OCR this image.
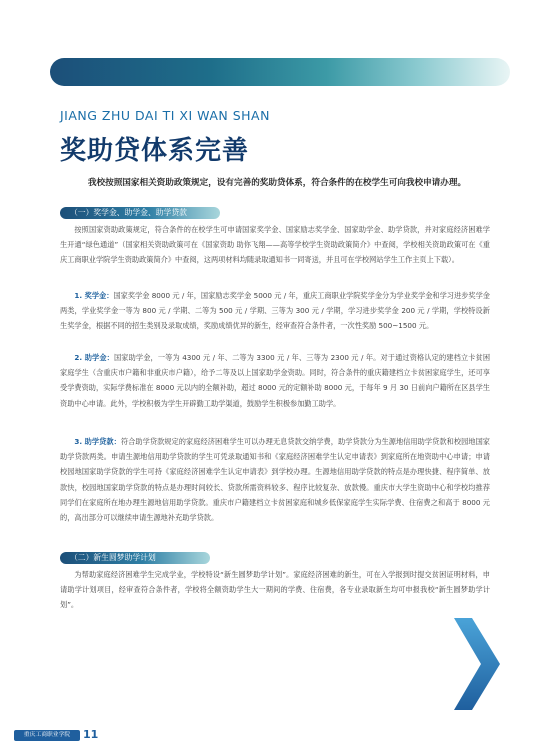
JIANG ZHU DAI TI XI WAN SHAN
奖助贷体系完善
我校按照国家相关资助政策规定，设有完善的奖助贷体系，符合条件的在校学生可向我校申请办理。
（一）奖学金、助学金、助学贷款

按照国家资助政策规定，符合条件的在校学生可申请国家奖学金、国家励志奖学金、国家助学金、助学贷款，并对家庭经济困难学生开通“绿色通道”（国家相关资助政策可在《国家资助 助你飞翔——高等学校学生资助政策简介》中查阅，学校相关资助政策可在《重庆工商职业学院学生资助政策简介》中查阅，这两项材料均随录取通知书一同寄送，并且可在学校网站学生工作主页上下载）。

1. 奖学金：国家奖学金 8000 元 / 年，国家励志奖学金 5000 元 / 年，重庆工商职业学院奖学金分为学业奖学金和学习进步奖学金两类，学业奖学金一等为 800 元 / 学期、二等为 500 元 / 学期、三等为 300 元 / 学期，学习进步奖学金 200 元 / 学期，学校特设新生奖学金，根据不同的招生类别及录取成绩，奖励成绩优异的新生，经审查符合条件者，一次性奖励 500~1500 元。

2. 助学金：国家助学金，一等为 4300 元 / 年、二等为 3300 元 / 年、三等为 2300 元 / 年。对于通过资格认定的建档立卡贫困家庭学生（含重庆市户籍和非重庆市户籍），给予二等及以上国家助学金资助。同时，符合条件的重庆籍建档立卡贫困家庭学生，还可享受学费资助，实际学费标准在 8000 元以内的全额补助，超过 8000 元的定额补助 8000 元，于每年 9 月 30 日前向户籍所在区县学生资助中心申请。此外，学校积极为学生开辟勤工助学渠道，鼓励学生积极参加勤工助学。

3. 助学贷款：符合助学贷款规定的家庭经济困难学生可以办理无息贷款交纳学费，助学贷款分为生源地信用助学贷款和校园地国家助学贷款两类。申请生源地信用助学贷款的学生可凭录取通知书和《家庭经济困难学生认定申请表》到家庭所在地资助中心申请；申请校园地国家助学贷款的学生可持《家庭经济困难学生认定申请表》到学校办理。生源地信用助学贷款的特点是办理快捷、程序简单、放款快，校园地国家助学贷款的特点是办理时间较长、贷款所需资料较多、程序比较复杂、放款慢。重庆市大学生资助中心和学校均推荐同学们在家庭所在地办理生源地信用助学贷款。重庆市户籍建档立卡贫困家庭和城乡低保家庭学生实际学费、住宿费之和高于 8000 元的，高出部分可以继续申请生源地补充助学贷款。

（二）新生圆梦助学计划

为帮助家庭经济困难学生完成学业，学校特设“新生圆梦助学计划”。家庭经济困难的新生，可在入学报到时提交贫困证明材料，申请助学计划项目，经审查符合条件者，学校将全额资助学生大一期间的学费、住宿费，各专业录取新生均可申报我校“新生圆梦助学计划”。

重庆工商职业学院	11
